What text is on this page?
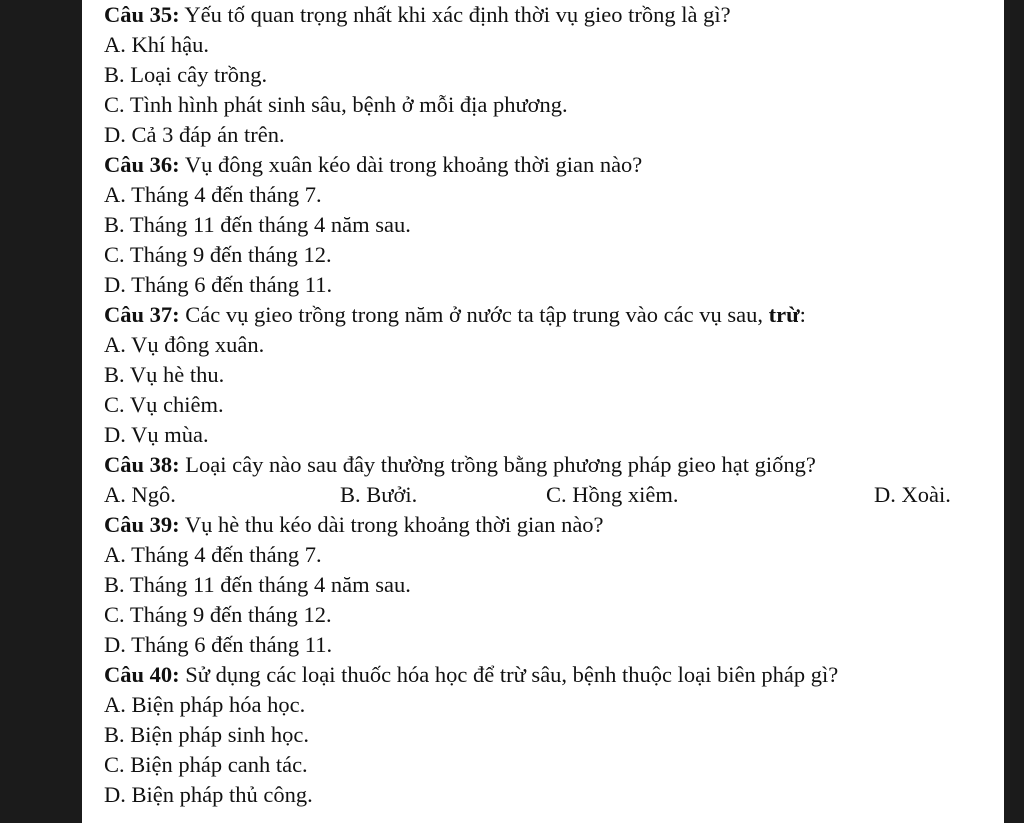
Câu 35: Yếu tố quan trọng nhất khi xác định thời vụ gieo trồng là gì?
A. Khí hậu.
B. Loại cây trồng.
C. Tình hình phát sinh sâu, bệnh ở mỗi địa phương.
D. Cả 3 đáp án trên.
Câu 36: Vụ đông xuân kéo dài trong khoảng thời gian nào?
A. Tháng 4 đến tháng 7.
B. Tháng 11 đến tháng 4 năm sau.
C. Tháng 9 đến tháng 12.
D. Tháng 6 đến tháng 11.
Câu 37: Các vụ gieo trồng trong năm ở nước ta tập trung vào các vụ sau, trừ:
A. Vụ đông xuân.
B. Vụ hè thu.
C. Vụ chiêm.
D. Vụ mùa.
Câu 38: Loại cây nào sau đây thường trồng bằng phương pháp gieo hạt giống?
A. Ngô.	B. Bưởi.	C. Hồng xiêm.	D. Xoài.
Câu 39: Vụ hè thu kéo dài trong khoảng thời gian nào?
A. Tháng 4 đến tháng 7.
B. Tháng 11 đến tháng 4 năm sau.
C. Tháng 9 đến tháng 12.
D. Tháng 6 đến tháng 11.
Câu 40: Sử dụng các loại thuốc hóa học để trừ sâu, bệnh thuộc loại biên pháp gì?
A. Biện pháp hóa học.
B. Biện pháp sinh học.
C. Biện pháp canh tác.
D. Biện pháp thủ công.
